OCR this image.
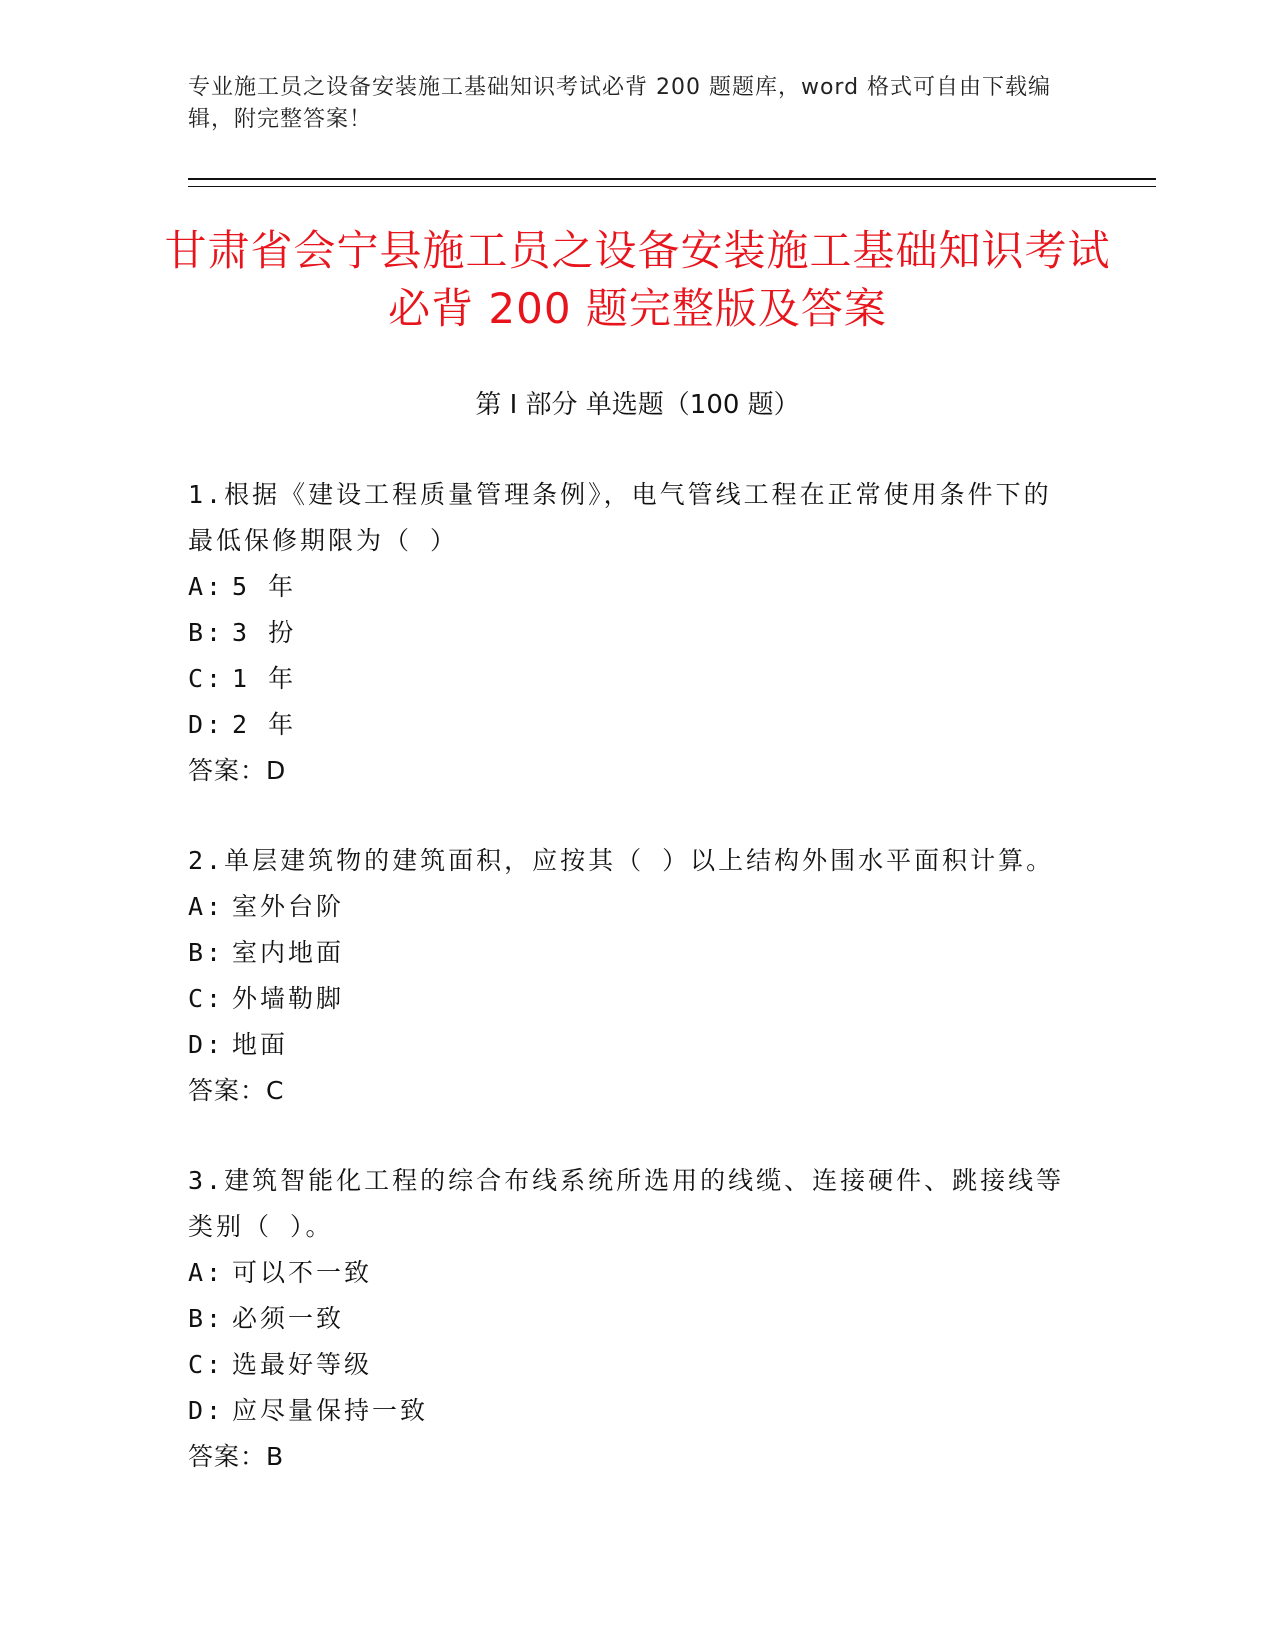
专业施工员之设备安装施工基础知识考试必背 200 题题库，word 格式可自由下载编辑，附完整答案！
甘肃省会宁县施工员之设备安装施工基础知识考试必背 200 题完整版及答案
第 I 部分 单选题（100 题）
1.根据《建设工程质量管理条例》，电气管线工程在正常使用条件下的最低保修期限为（ ）
A: 5 年
B: 3 扮
C: 1 年
D: 2 年
答案：D
2.单层建筑物的建筑面积，应按其（ ）以上结构外围水平面积计算。
A: 室外台阶
B: 室内地面
C: 外墙勒脚
D: 地面
答案：C
3.建筑智能化工程的综合布线系统所选用的线缆、连接硬件、跳接线等类别（ ）。
A: 可以不一致
B: 必须一致
C: 选最好等级
D: 应尽量保持一致
答案：B
